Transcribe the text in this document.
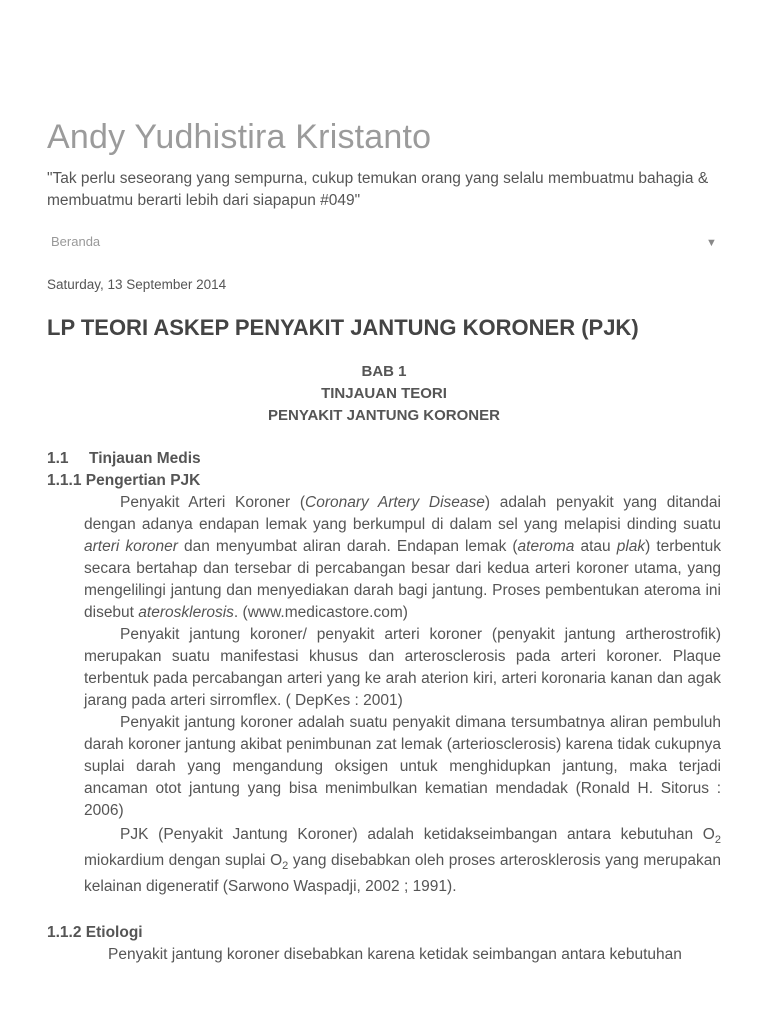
Andy Yudhistira Kristanto

"Tak perlu seseorang yang sempurna, cukup temukan orang yang selalu membuatmu bahagia & membuatmu berarti lebih dari siapapun #049"

Beranda	▼
Saturday, 13 September 2014
LP TEORI ASKEP PENYAKIT JANTUNG KORONER (PJK)
BAB 1
TINJAUAN TEORI
PENYAKIT JANTUNG KORONER
1.1 Tinjauan Medis
1.1.1 Pengertian PJK

Penyakit Arteri Koroner (Coronary Artery Disease) adalah penyakit yang ditandai dengan adanya endapan lemak yang berkumpul di dalam sel yang melapisi dinding suatu arteri koroner dan menyumbat aliran darah. Endapan lemak (ateroma atau plak) terbentuk secara bertahap dan tersebar di percabangan besar dari kedua arteri koroner utama, yang mengelilingi jantung dan menyediakan darah bagi jantung. Proses pembentukan ateroma ini disebut aterosklerosis. (www.medicastore.com)

Penyakit jantung koroner/ penyakit arteri koroner (penyakit jantung artherostrofik) merupakan suatu manifestasi khusus dan arterosclerosis pada arteri koroner. Plaque terbentuk pada percabangan arteri yang ke arah aterion kiri, arteri koronaria kanan dan agak jarang pada arteri sirromflex. ( DepKes : 2001)

Penyakit jantung koroner adalah suatu penyakit dimana tersumbatnya aliran pembuluh darah koroner jantung akibat penimbunan zat lemak (arteriosclerosis) karena tidak cukupnya suplai darah yang mengandung oksigen untuk menghidupkan jantung, maka terjadi ancaman otot jantung yang bisa menimbulkan kematian mendadak (Ronald H. Sitorus : 2006)

PJK (Penyakit Jantung Koroner) adalah ketidakseimbangan antara kebutuhan $O_2$ miokardium dengan suplai $O_2$ yang disebabkan oleh proses arterosklerosis yang merupakan kelainan digeneratif (Sarwono Waspadji, 2002 ; 1991).

1.1.2 Etiologi

Penyakit jantung koroner disebabkan karena ketidak seimbangan antara kebutuhan
